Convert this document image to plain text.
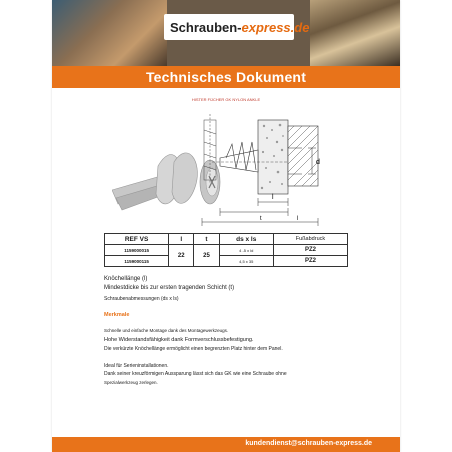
Schrauben- express.de
Technisches Dokument
HISTER FÜCHER GK NYLON ANKLE
l
d
t	l
REF VS	l	t	ds x ls	Fußabdruck
1159000015	22	25	4 -5 x ld	PZ2
1159000115			4,5 x 35	PZ2
Knöchellänge (l)
Mindestdicke bis zur ersten tragenden Schicht (t)
Schraubenabmessungen (ds x ls)
Merkmale
Schnelle und einfache Montage dank des Montagewerkzeugs.
Hohe Widerstandsfähigkeit dank Formverschlussbefestigung.
Die verkürzte Knöchellänge ermöglicht einen begrenzten Platz hinter dem Panel.
Ideal für Serieninstallationen.
Dank seiner kreuzförmigen Aussparung lässt sich das GK wie eine Schraube ohne
Spezialwerkzeug zerlegen.
kundendienst@schrauben-express.de
